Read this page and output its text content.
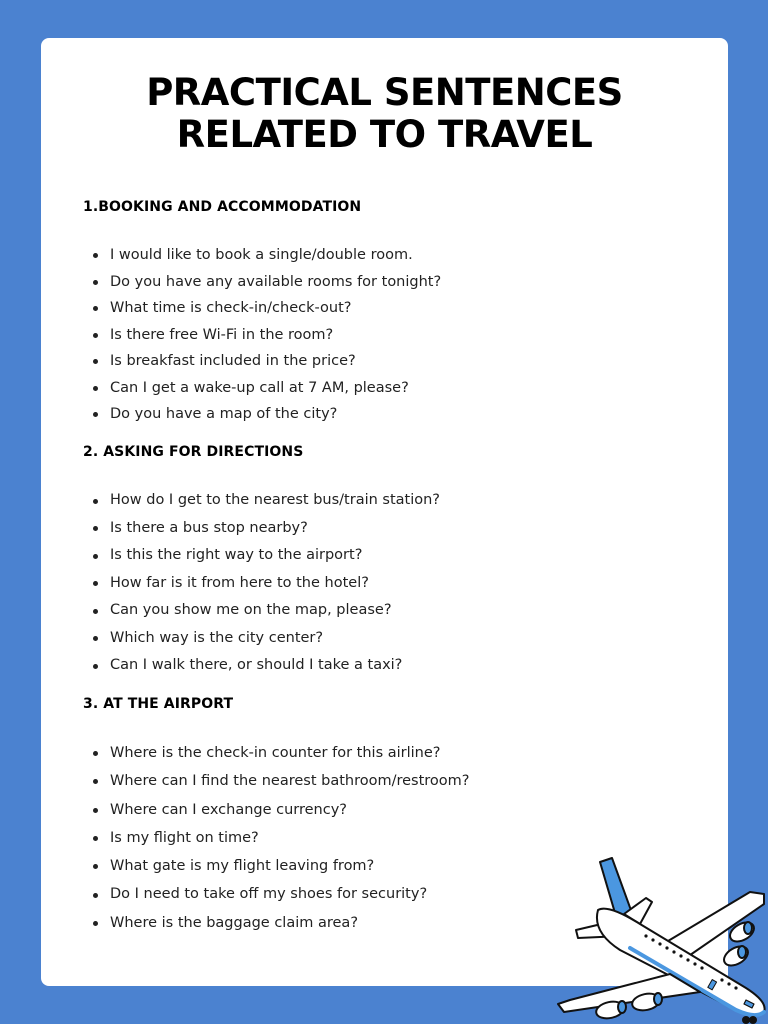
PRACTICAL SENTENCES
RELATED TO TRAVEL
1.BOOKING AND ACCOMMODATION
I would like to book a single/double room.
Do you have any available rooms for tonight?
What time is check-in/check-out?
Is there free Wi-Fi in the room?
Is breakfast included in the price?
Can I get a wake-up call at 7 AM, please?
Do you have a map of the city?
2. ASKING FOR DIRECTIONS
How do I get to the nearest bus/train station?
Is there a bus stop nearby?
Is this the right way to the airport?
How far is it from here to the hotel?
Can you show me on the map, please?
Which way is the city center?
Can I walk there, or should I take a taxi?
3. AT THE AIRPORT
Where is the check-in counter for this airline?
Where can I find the nearest bathroom/restroom?
Where can I exchange currency?
Is my flight on time?
What gate is my flight leaving from?
Do I need to take off my shoes for security?
Where is the baggage claim area?
